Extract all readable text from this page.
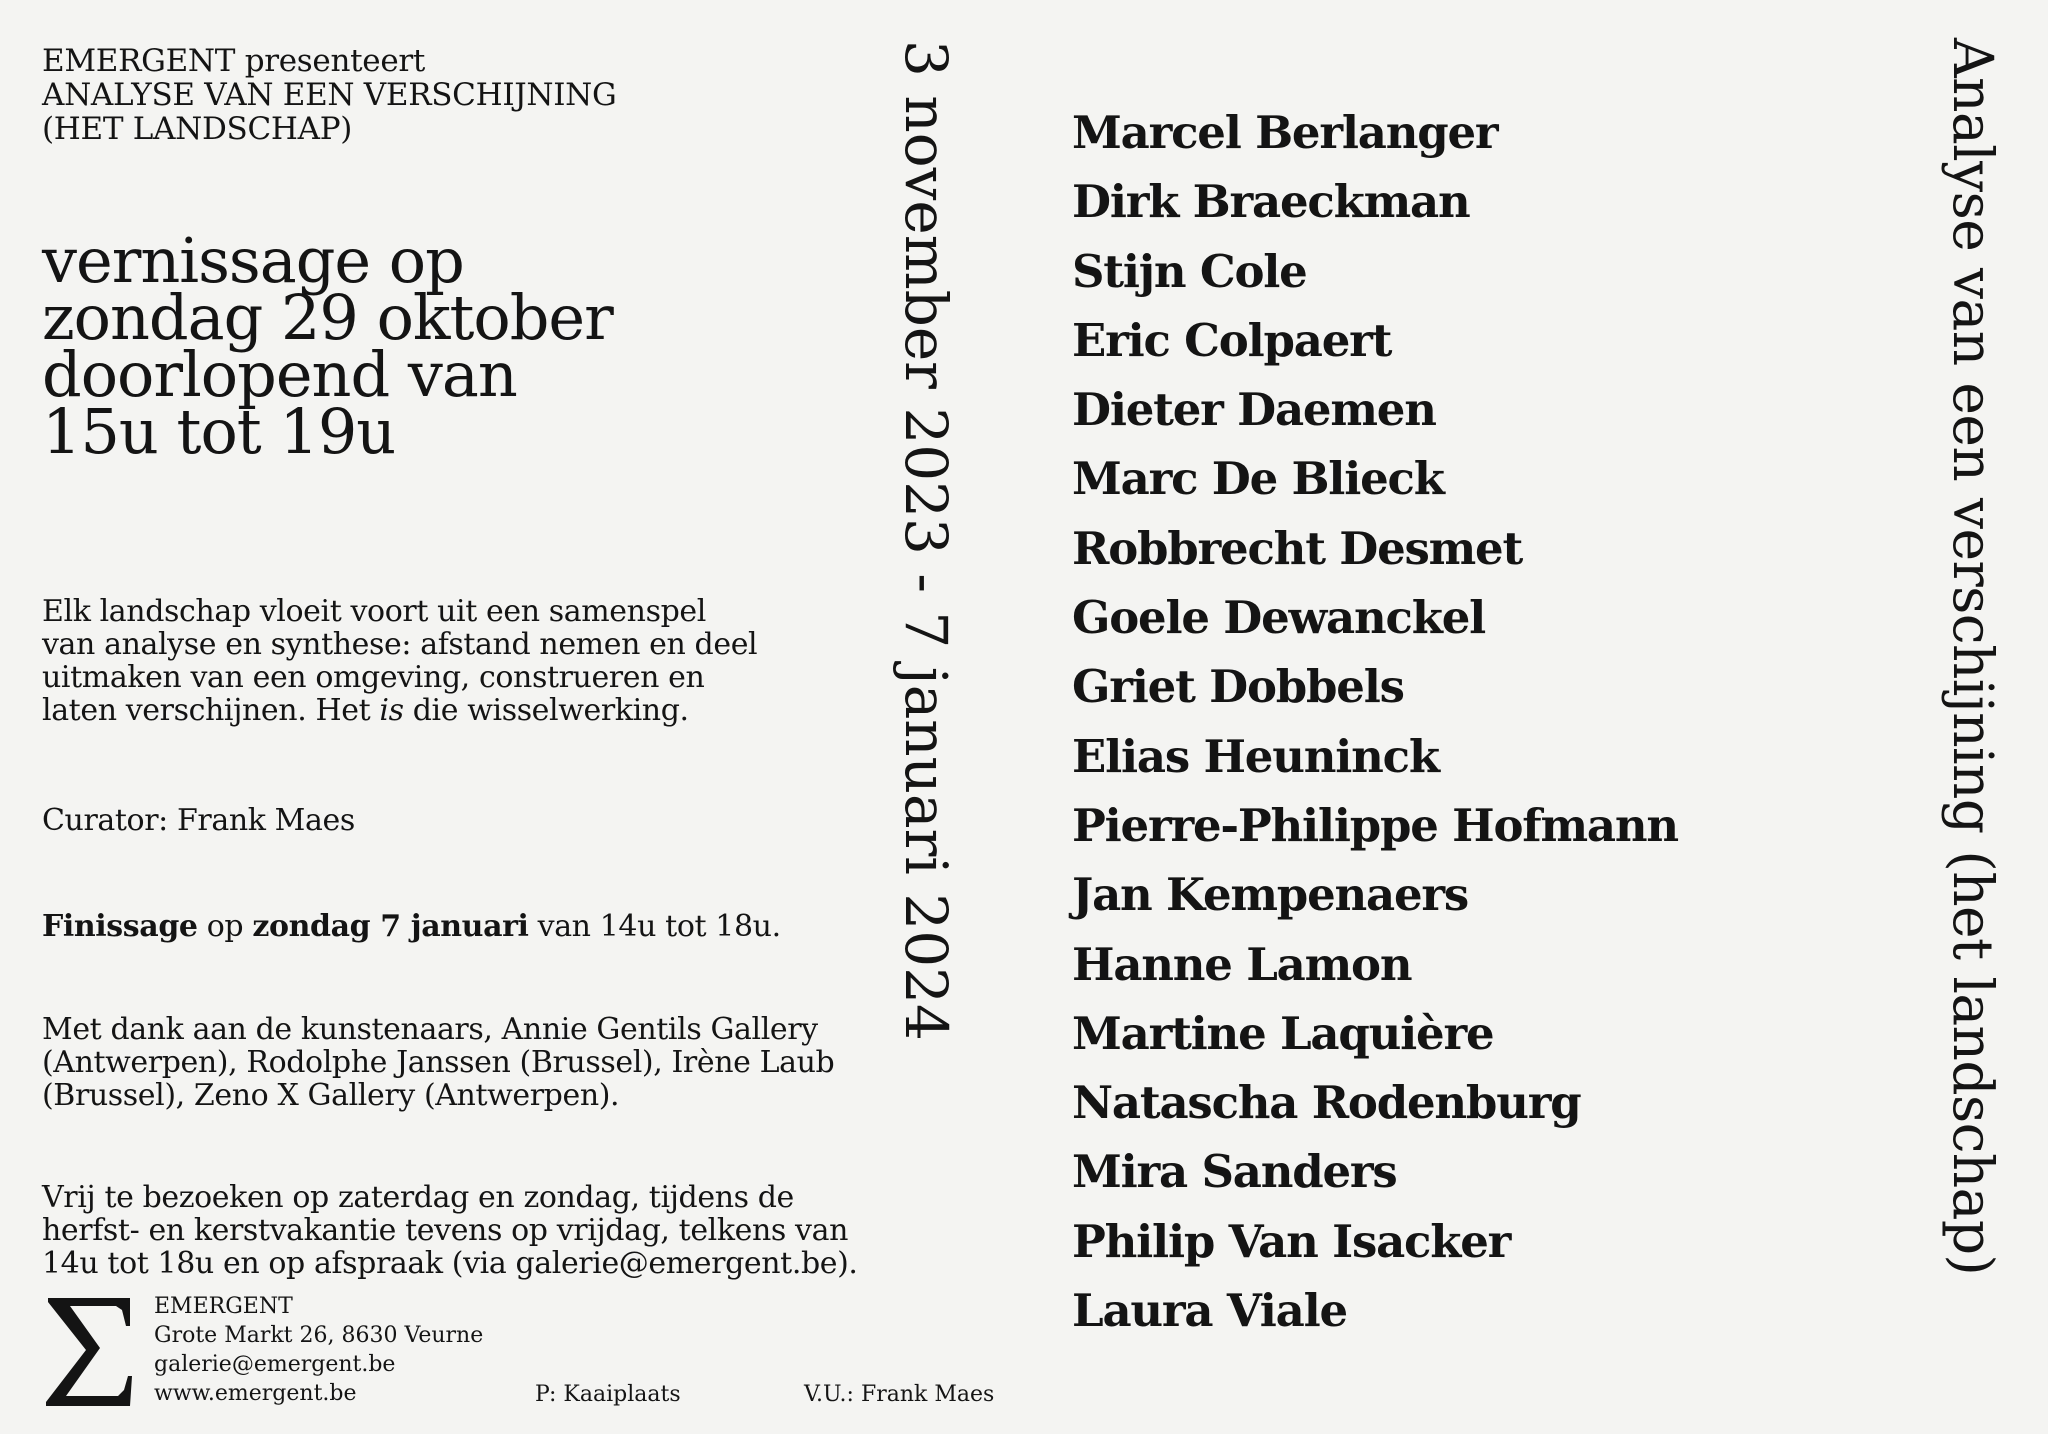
EMERGENT presenteert
ANALYSE VAN EEN VERSCHIJNING
(HET LANDSCHAP)
vernissage op
zondag 29 oktober
doorlopend van
15u tot 19u
Elk landschap vloeit voort uit een samenspel
van analyse en synthese: afstand nemen en deel
uitmaken van een omgeving, construeren en
laten verschijnen. Het is die wisselwerking.
Curator: Frank Maes
Finissage op zondag 7 januari van 14u tot 18u.
Met dank aan de kunstenaars, Annie Gentils Gallery
(Antwerpen), Rodolphe Janssen (Brussel), Irène Laub
(Brussel), Zeno X Gallery (Antwerpen).
Vrij te bezoeken op zaterdag en zondag, tijdens de
herfst- en kerstvakantie tevens op vrijdag, telkens van
14u tot 18u en op afspraak (via galerie@emergent.be).
EMERGENT
Grote Markt 26, 8630 Veurne
galerie@emergent.be
www.emergent.be	P: Kaaiplaats	V.U.: Frank Maes
3 november 2023 - 7 januari 2024 Marcel Berlanger
Dirk Braeckman
Stijn Cole
Eric Colpaert
Dieter Daemen
Marc De Blieck
Robbrecht Desmet
Goele Dewanckel
Griet Dobbels
Elias Heuninck
Pierre-Philippe Hofmann
Jan Kempenaers
Hanne Lamon
Martine Laquière
Natascha Rodenburg
Mira Sanders
Philip Van Isacker
Laura Viale
Analyse van een verschijning (het landschap)
